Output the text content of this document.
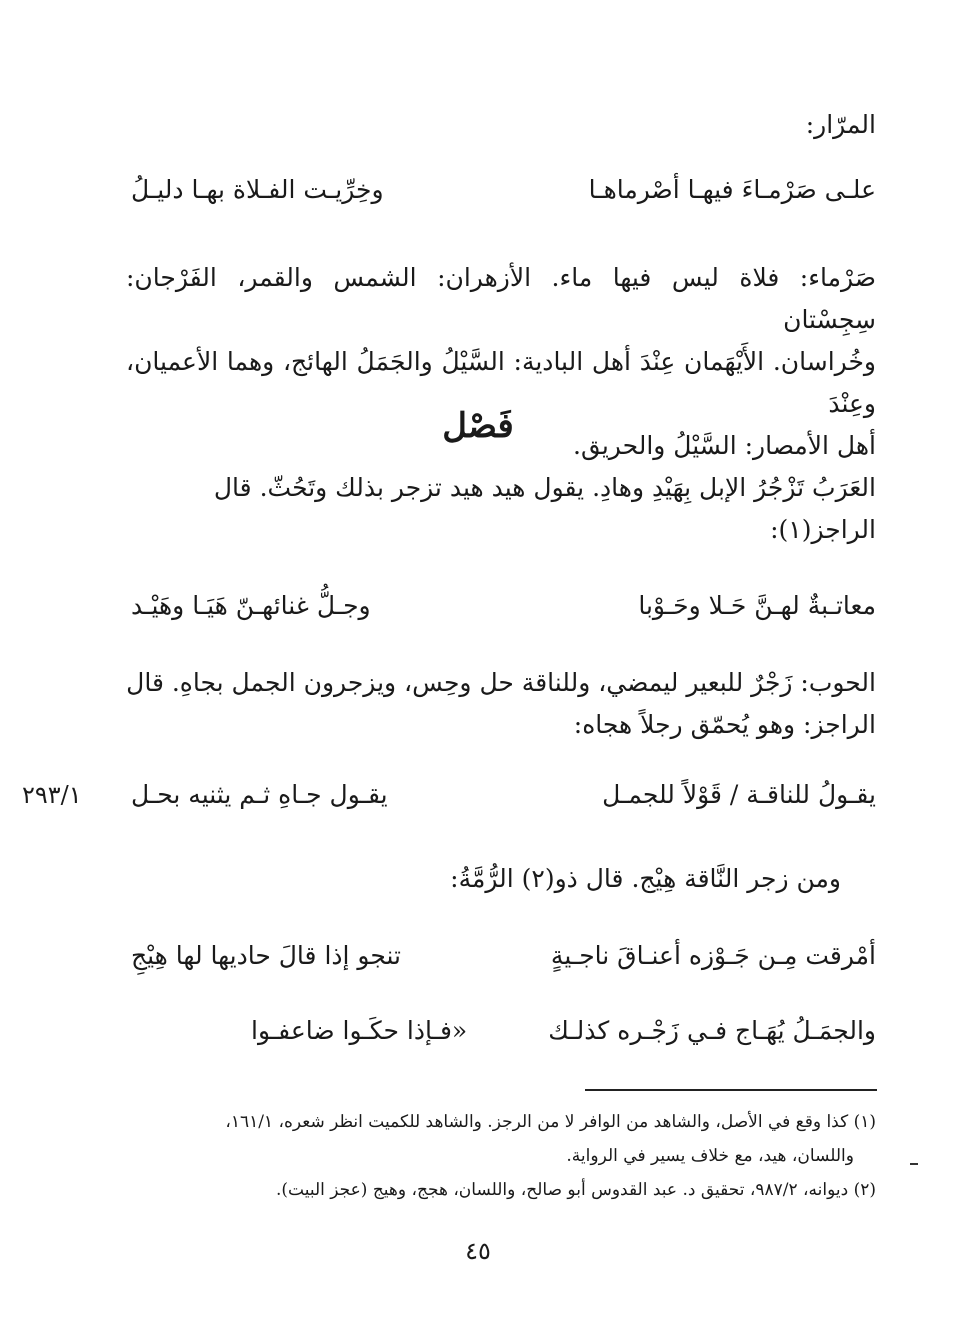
المرّار:
علـى صَرْمـاءَ فيهـا أصْرماهـا
وخِرِّيـت الفـلاة بهـا دليـلُ
صَرْماء: فلاة ليس فيها ماء. الأزهران: الشمس والقمر، الفَرْجان: سِجِسْتان
وخُراسان. الأَيْهَمان عِنْدَ أهل البادية: السَّيْلُ والجَمَلُ الهائج، وهما الأعميان، وعِنْدَ
أهل الأمصار: السَّيْلُ والحريق.
فَصْل
العَرَبُ تَزْجُرُ الإبل بِهَيْدِ وهادِ. يقول هيد هيد تزجر بذلك وتَحُثّ. قال
الراجز(١):
معاتـبةٌ لهـنَّ حَـلا وحَـوْبا
وجـلُّ غنائهـنّ هَيَـا وهَيْـد
الحوب: زَجْرٌ للبعير ليمضي، وللناقة حل وحِس، ويزجرون الجمل بجاهِ. قال
الراجز: وهو يُحمّق رجلاً هجاه:
يقـولُ للناقـة / قَوْلاً للجمـل
يقـول جـاهِ ثـم يثنيه بحـل
٢٩٣/١
ومن زجر النَّاقة هِيْج. قال ذو(٢) الرُّمَّةُ:
أمْرقت مِـن جَـوْزه أعنـاقَ ناجـيةٍ
تنجو إذا قالَ حاديها لها هِيْجِ
والجمَـلُ يُهَـاج فـي زَجْـره كذلـك
«فـإذا حكَـوا ضاعفـوا
(١) كذا وقع في الأصل، والشاهد من الوافر لا من الرجز. والشاهد للكميت انظر شعره، ١٦١/١،
واللسان، هيد، مع خلاف يسير في الرواية.
(٢) ديوانه، ٩٨٧/٢، تحقيق د. عبد القدوس أبو صالح، واللسان، هجج، وهيج (عجز البيت).
٤٥
